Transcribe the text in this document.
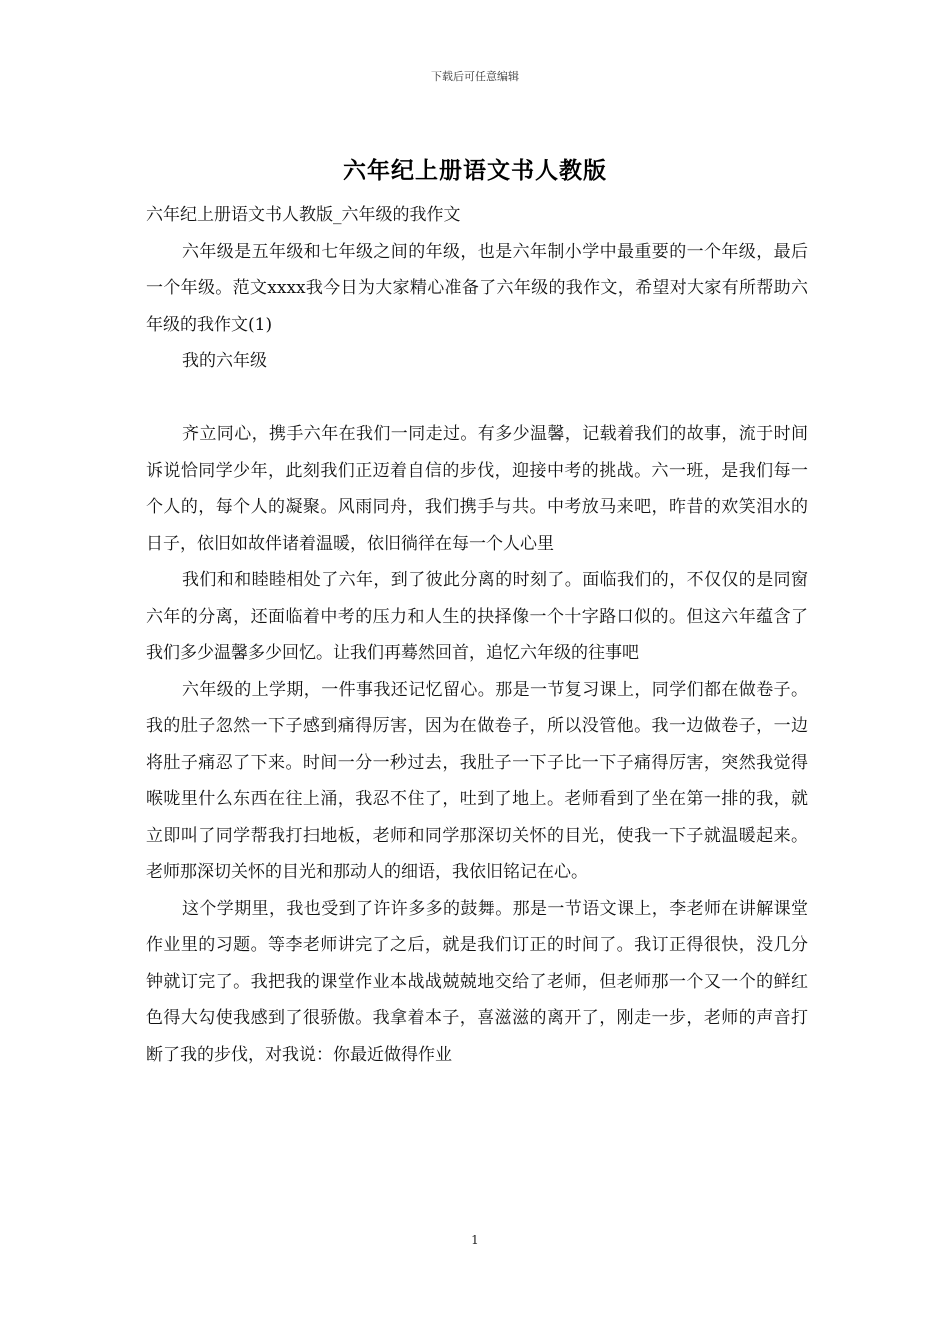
下载后可任意编辑
六年纪上册语文书人教版

六年纪上册语文书人教版_六年级的我作文

六年级是五年级和七年级之间的年级，也是六年制小学中最重要的一个年级，最后一个年级。范文xxxx我今日为大家精心准备了六年级的我作文，希望对大家有所帮助六年级的我作文(1)

我的六年级

齐立同心，携手六年在我们一同走过。有多少温馨，记载着我们的故事，流于时间诉说恰同学少年，此刻我们正迈着自信的步伐，迎接中考的挑战。六一班，是我们每一个人的，每个人的凝聚。风雨同舟，我们携手与共。中考放马来吧，昨昔的欢笑泪水的日子，依旧如故伴诸着温暖，依旧徜徉在每一个人心里

我们和和睦睦相处了六年，到了彼此分离的时刻了。面临我们的，不仅仅的是同窗六年的分离，还面临着中考的压力和人生的抉择像一个十字路口似的。但这六年蕴含了我们多少温馨多少回忆。让我们再蓦然回首，追忆六年级的往事吧

六年级的上学期，一件事我还记忆留心。那是一节复习课上，同学们都在做卷子。我的肚子忽然一下子感到痛得厉害，因为在做卷子，所以没管他。我一边做卷子，一边将肚子痛忍了下来。时间一分一秒过去，我肚子一下子比一下子痛得厉害，突然我觉得喉咙里什么东西在往上涌，我忍不住了，吐到了地上。老师看到了坐在第一排的我，就立即叫了同学帮我打扫地板，老师和同学那深切关怀的目光，使我一下子就温暖起来。老师那深切关怀的目光和那动人的细语，我依旧铭记在心。

这个学期里，我也受到了许许多多的鼓舞。那是一节语文课上，李老师在讲解课堂作业里的习题。等李老师讲完了之后，就是我们订正的时间了。我订正得很快，没几分钟就订完了。我把我的课堂作业本战战兢兢地交给了老师，但老师那一个又一个的鲜红色得大勾使我感到了很骄傲。我拿着本子，喜滋滋的离开了，刚走一步，老师的声音打断了我的步伐，对我说：你最近做得作业

1
